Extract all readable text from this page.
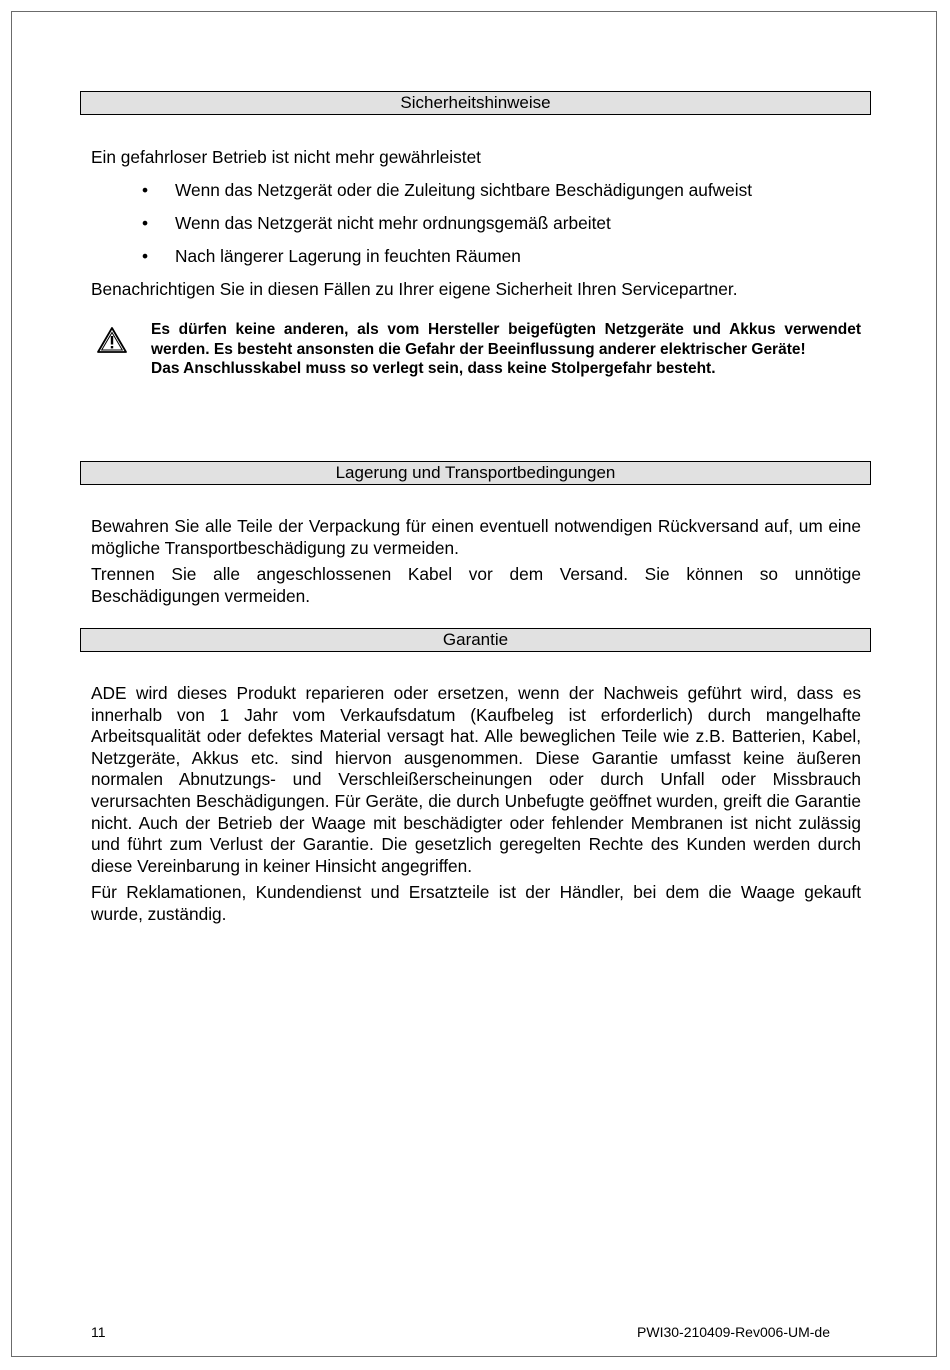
Sicherheitshinweise
Ein gefahrloser Betrieb ist nicht mehr gewährleistet
• Wenn das Netzgerät oder die Zuleitung sichtbare Beschädigungen aufweist
• Wenn das Netzgerät nicht mehr ordnungsgemäß arbeitet
• Nach längerer Lagerung in feuchten Räumen
Benachrichtigen Sie in diesen Fällen zu Ihrer eigene Sicherheit Ihren Servicepartner.

Es dürfen keine anderen, als vom Hersteller beigefügten Netzgeräte und Akkus verwendet werden. Es besteht ansonsten die Gefahr der Beeinflussung anderer elektrischer Geräte!

Das Anschlusskabel muss so verlegt sein, dass keine Stolpergefahr besteht.

Lagerung und Transportbedingungen

Bewahren Sie alle Teile der Verpackung für einen eventuell notwendigen Rückversand auf, um eine mögliche Transportbeschädigung zu vermeiden.

Trennen Sie alle angeschlossenen Kabel vor dem Versand. Sie können so unnötige Beschädigungen vermeiden.

Garantie

ADE wird dieses Produkt reparieren oder ersetzen, wenn der Nachweis geführt wird, dass es innerhalb von 1 Jahr vom Verkaufsdatum (Kaufbeleg ist erforderlich) durch mangelhafte Arbeitsqualität oder defektes Material versagt hat. Alle beweglichen Teile wie z.B. Batterien, Kabel, Netzgeräte, Akkus etc. sind hiervon ausgenommen. Diese Garantie umfasst keine äußeren normalen Abnutzungs- und Verschleißerscheinungen oder durch Unfall oder Missbrauch verursachten Beschädigungen. Für Geräte, die durch Unbefugte geöffnet wurden, greift die Garantie nicht. Auch der Betrieb der Waage mit beschädigter oder fehlender Membranen ist nicht zulässig und führt zum Verlust der Garantie. Die gesetzlich geregelten Rechte des Kunden werden durch diese Vereinbarung in keiner Hinsicht angegriffen.

Für Reklamationen, Kundendienst und Ersatzteile ist der Händler, bei dem die Waage gekauft wurde, zuständig.

11	PWI30-210409-Rev006-UM-de
